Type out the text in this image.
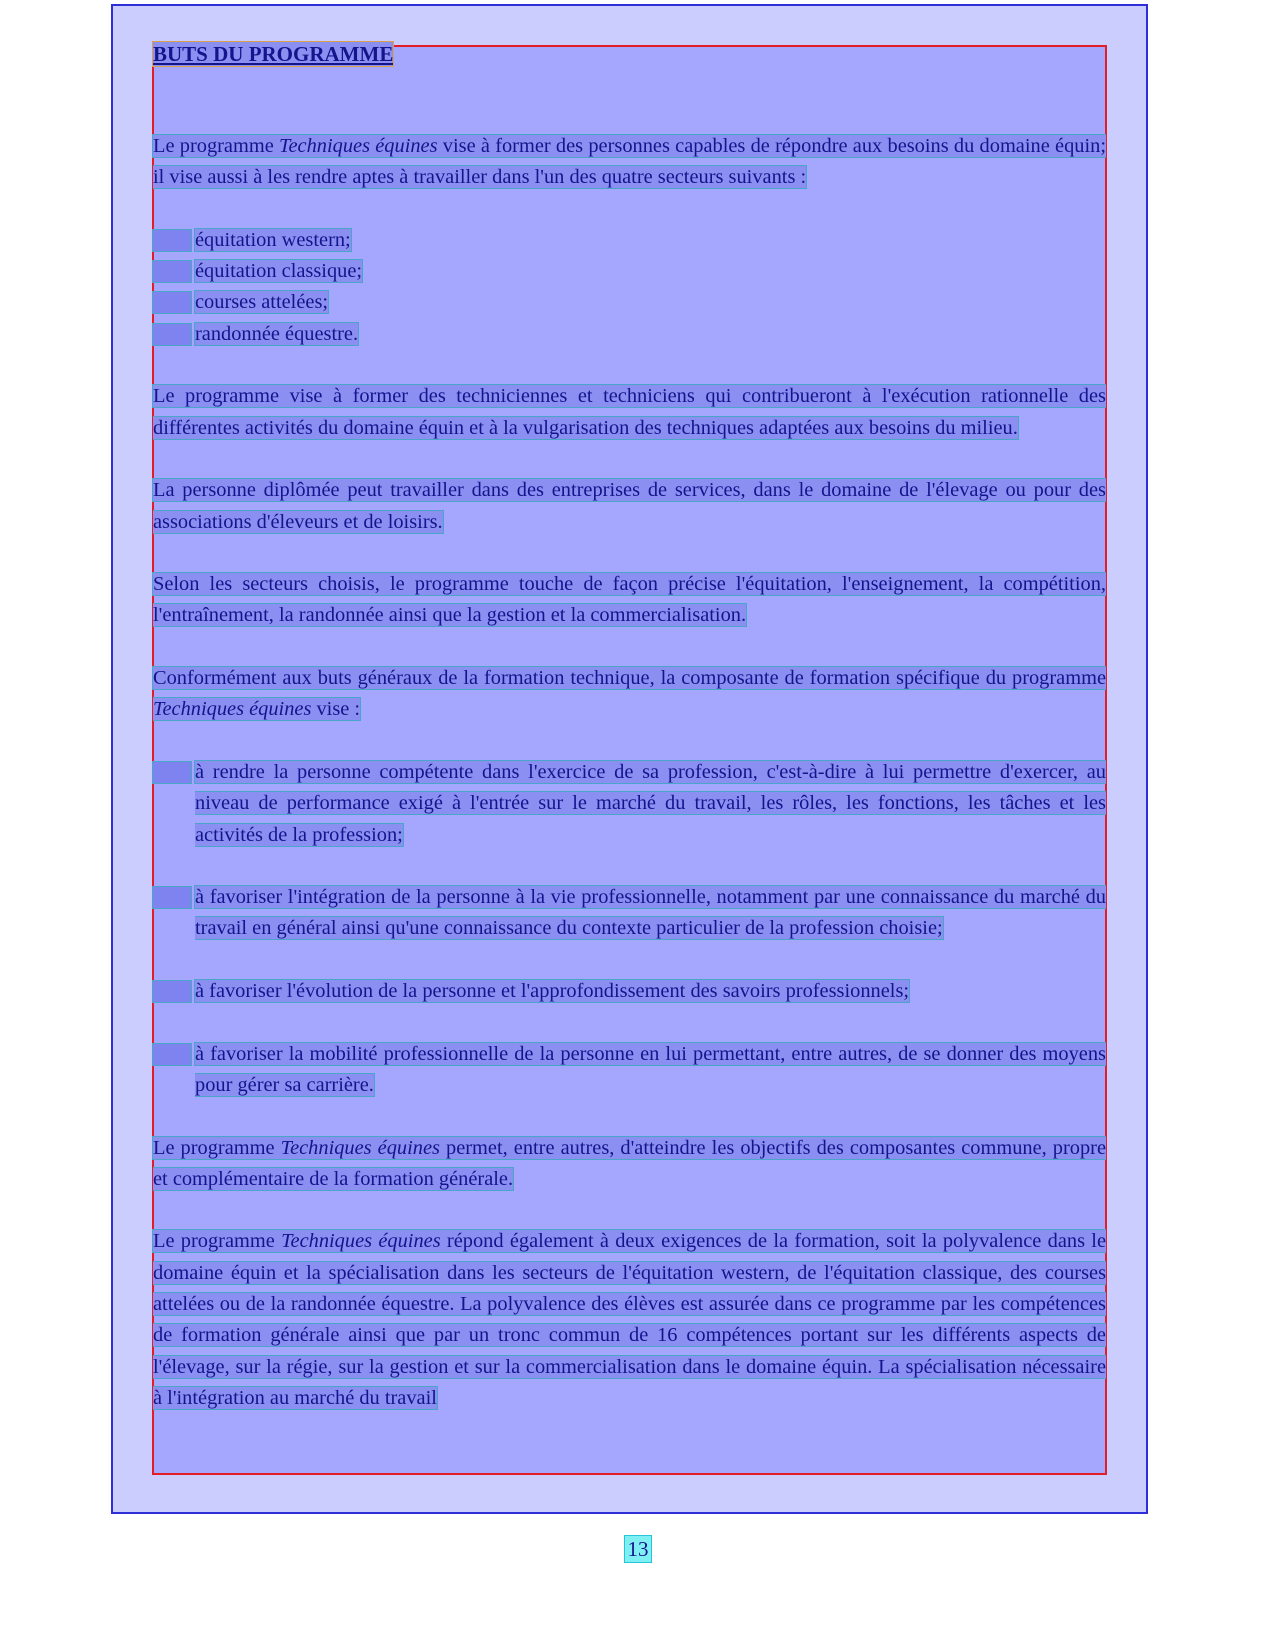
BUTS DU PROGRAMME

Le programme Techniques équines vise à former des personnes capables de répondre aux besoins du domaine équin; il vise aussi à les rendre aptes à travailler dans l'un des quatre secteurs suivants :

équitation western;
équitation classique;
courses attelées;
randonnée équestre.

Le programme vise à former des techniciennes et techniciens qui contribueront à l'exécution rationnelle des différentes activités du domaine équin et à la vulgarisation des techniques adaptées aux besoins du milieu.

La personne diplômée peut travailler dans des entreprises de services, dans le domaine de l'élevage ou pour des associations d'éleveurs et de loisirs.

Selon les secteurs choisis, le programme touche de façon précise l'équitation, l'enseignement, la compétition, l'entraînement, la randonnée ainsi que la gestion et la commercialisation.

Conformément aux buts généraux de la formation technique, la composante de formation spécifique du programme Techniques équines vise :

à rendre la personne compétente dans l'exercice de sa profession, c'est-à-dire à lui permettre d'exercer, au niveau de performance exigé à l'entrée sur le marché du travail, les rôles, les fonctions, les tâches et les activités de la profession;
à favoriser l'intégration de la personne à la vie professionnelle, notamment par une connaissance du marché du travail en général ainsi qu'une connaissance du contexte particulier de la profession choisie;
à favoriser l'évolution de la personne et l'approfondissement des savoirs professionnels;
à favoriser la mobilité professionnelle de la personne en lui permettant, entre autres, de se donner des moyens pour gérer sa carrière.

Le programme Techniques équines permet, entre autres, d'atteindre les objectifs des composantes commune, propre et complémentaire de la formation générale.

Le programme Techniques équines répond également à deux exigences de la formation, soit la polyvalence dans le domaine équin et la spécialisation dans les secteurs de l'équitation western, de l'équitation classique, des courses attelées ou de la randonnée équestre. La polyvalence des élèves est assurée dans ce programme par les compétences de formation générale ainsi que par un tronc commun de 16 compétences portant sur les différents aspects de l'élevage, sur la régie, sur la gestion et sur la commercialisation dans le domaine équin. La spécialisation nécessaire à l'intégration au marché du travail

13
